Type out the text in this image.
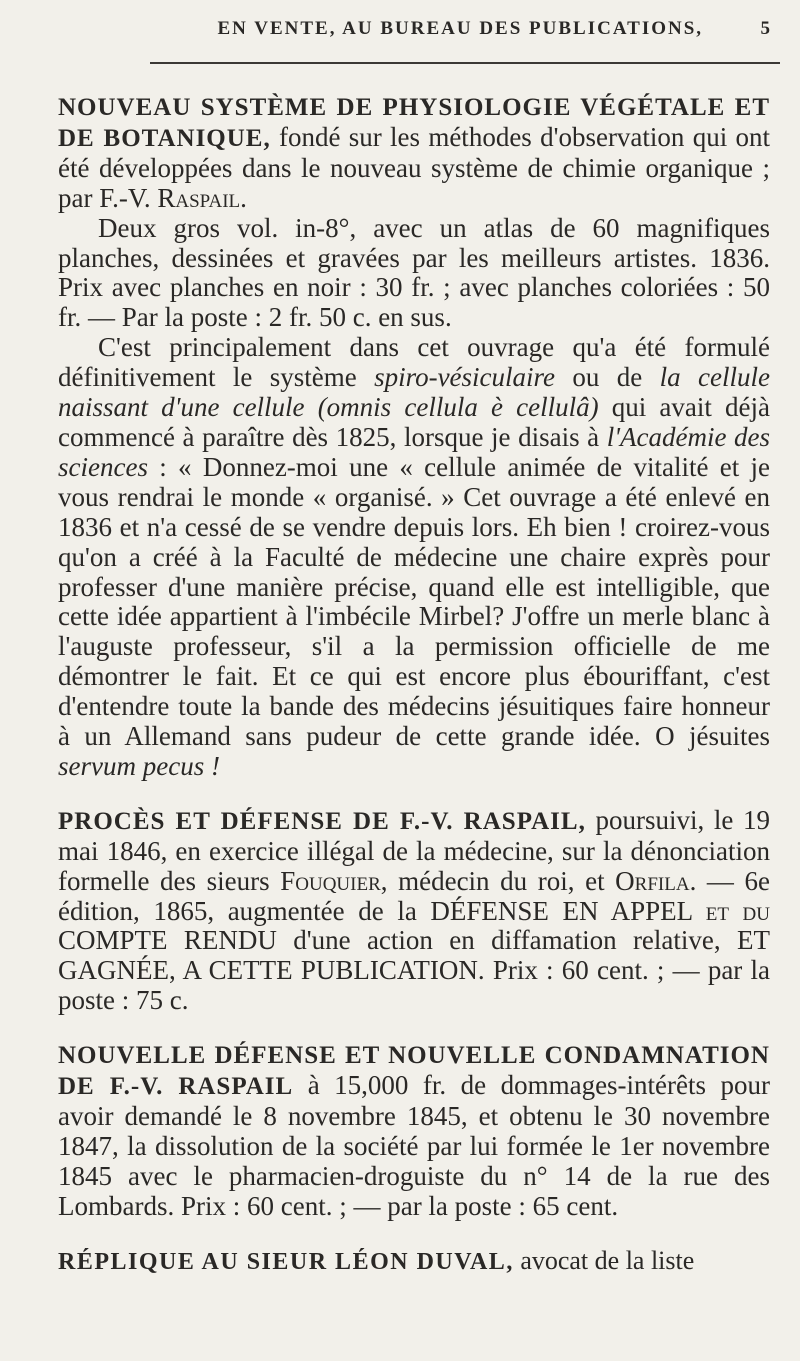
EN VENTE, AU BUREAU DES PUBLICATIONS,	5

NOUVEAU SYSTÈME DE PHYSIOLOGIE VÉGÉTALE ET DE BOTANIQUE, fondé sur les méthodes d'observation qui ont été développées dans le nouveau système de chimie organique ; par F.-V. Raspail.

Deux gros vol. in-8°, avec un atlas de 60 magnifiques planches, dessinées et gravées par les meilleurs artistes. 1836. Prix avec planches en noir : 30 fr. ; avec planches coloriées : 50 fr. — Par la poste : 2 fr. 50 c. en sus.

C'est principalement dans cet ouvrage qu'a été formulé définitivement le système spiro-vésiculaire ou de la cellule naissant d'une cellule (omnis cellula è cellulâ) qui avait déjà commencé à paraître dès 1825, lorsque je disais à l'Académie des sciences : « Donnez-moi une « cellule animée de vitalité et je vous rendrai le monde « organisé. » Cet ouvrage a été enlevé en 1836 et n'a cessé de se vendre depuis lors. Eh bien ! croirez-vous qu'on a créé à la Faculté de médecine une chaire exprès pour professer d'une manière précise, quand elle est intelligible, que cette idée appartient à l'imbécile Mirbel? J'offre un merle blanc à l'auguste professeur, s'il a la permission officielle de me démontrer le fait. Et ce qui est encore plus ébouriffant, c'est d'entendre toute la bande des médecins jésuitiques faire honneur à un Allemand sans pudeur de cette grande idée. O jésuites servum pecus !

PROCÈS ET DÉFENSE DE F.-V. RASPAIL, poursuivi, le 19 mai 1846, en exercice illégal de la médecine, sur la dénonciation formelle des sieurs Fouquier, médecin du roi, et Orfila. — 6e édition, 1865, augmentée de la DÉFENSE EN APPEL et du COMPTE RENDU d'une action en diffamation relative, ET GAGNÉE, A CETTE PUBLICATION. Prix : 60 cent. ; — par la poste : 75 c.

NOUVELLE DÉFENSE ET NOUVELLE CONDAMNATION DE F.-V. RASPAIL à 15,000 fr. de dommages-intérêts pour avoir demandé le 8 novembre 1845, et obtenu le 30 novembre 1847, la dissolution de la société par lui formée le 1er novembre 1845 avec le pharmacien-droguiste du n° 14 de la rue des Lombards. Prix : 60 cent. ; — par la poste : 65 cent.

RÉPLIQUE AU SIEUR LÉON DUVAL, avocat de la liste
